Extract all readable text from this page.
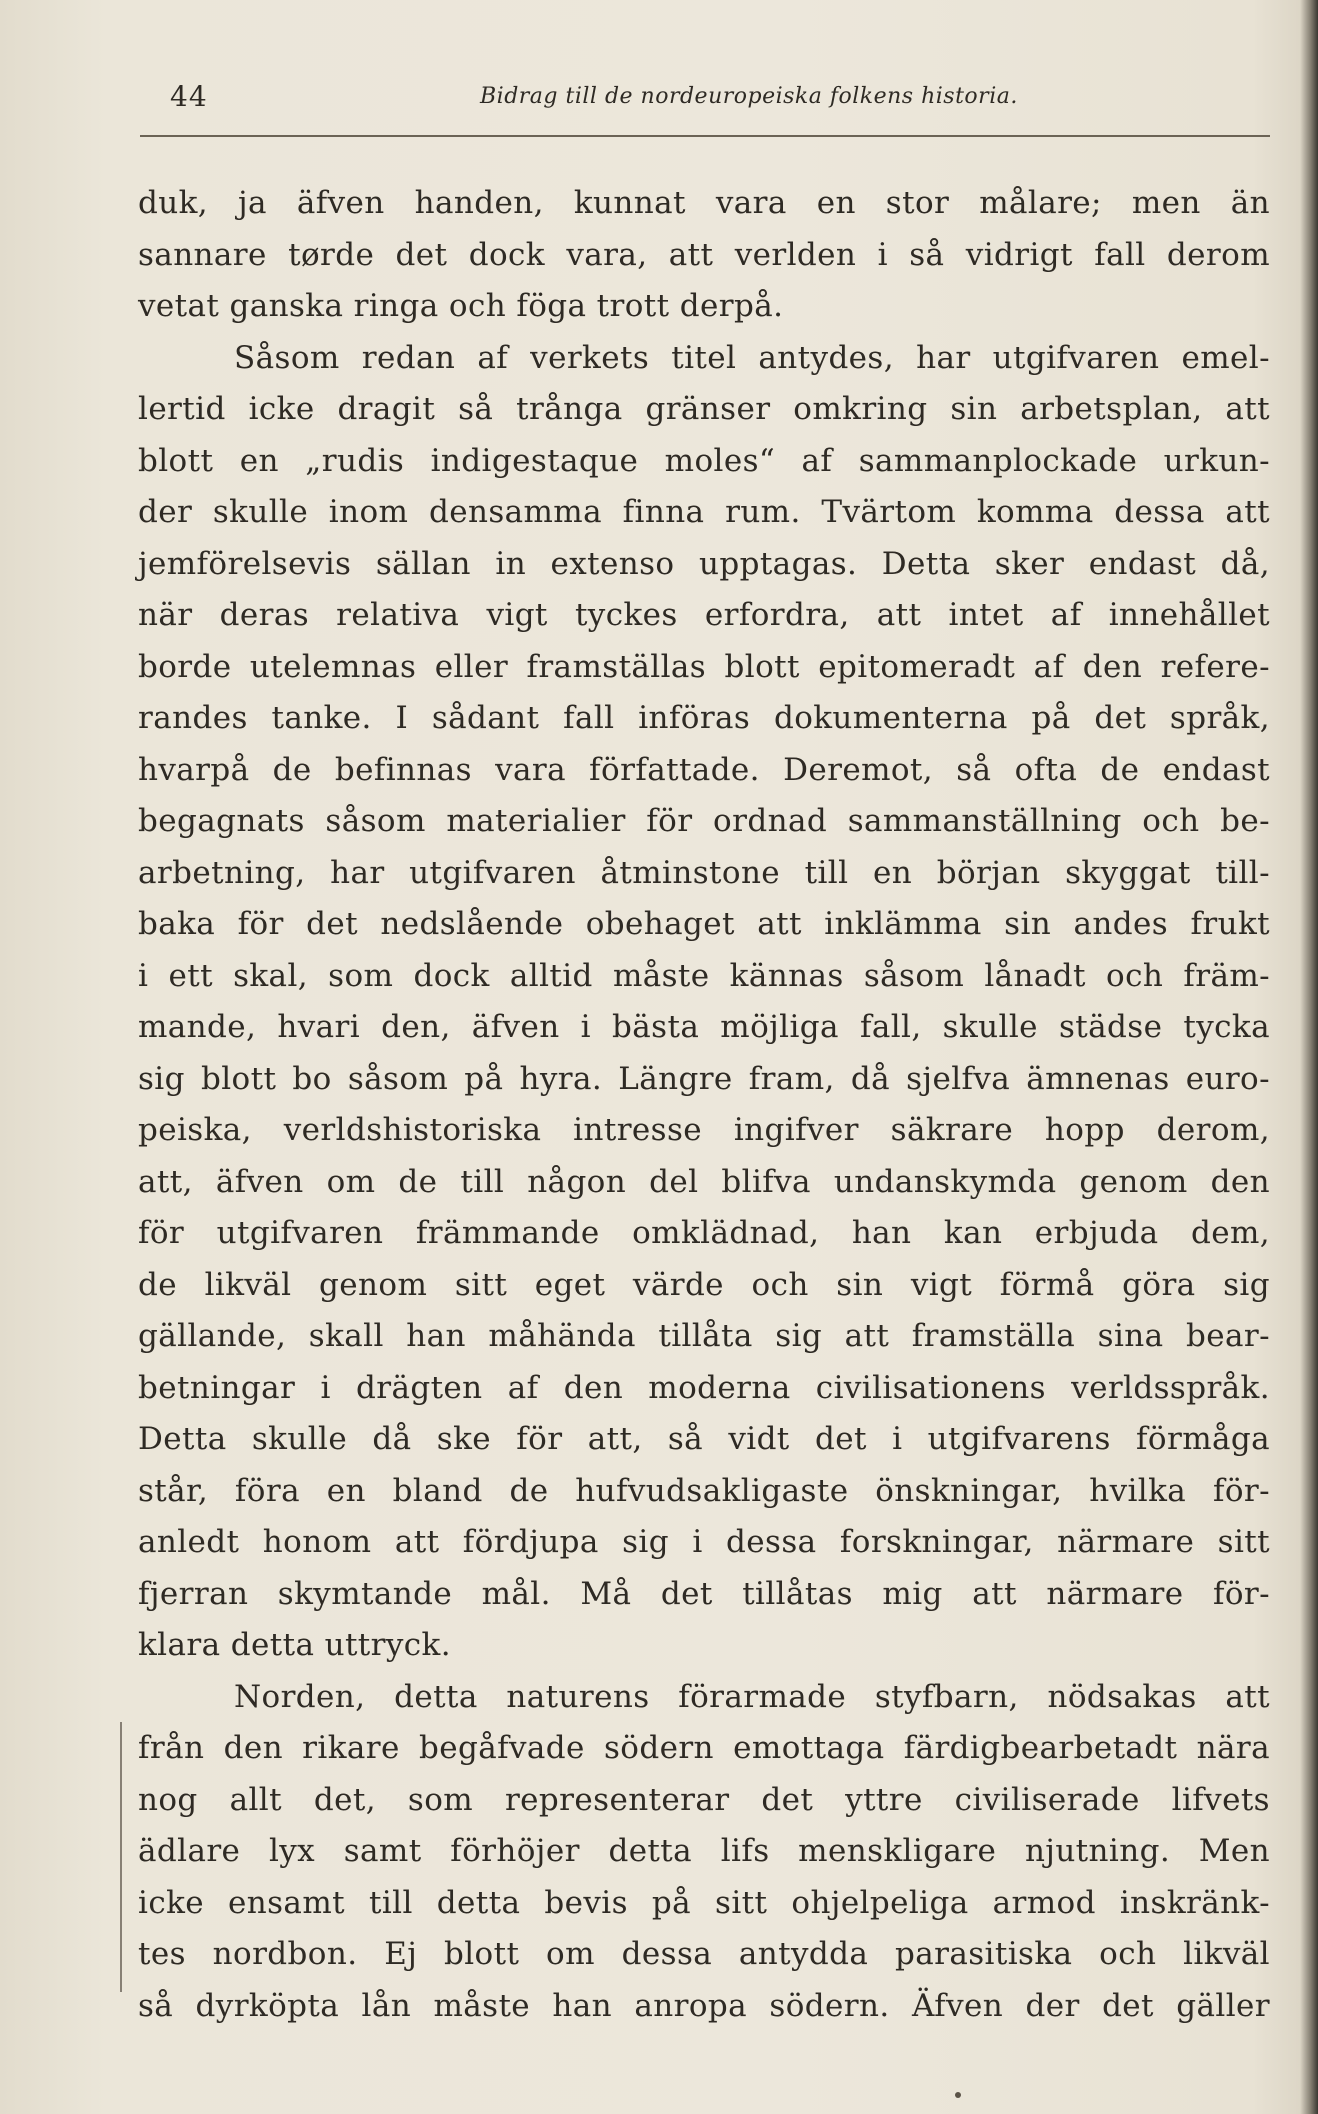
44	Bidrag till de nordeuropeiska folkens historia.
duk, ja äfven handen, kunnat vara en stor målare; men än
sannare tørde det dock vara, att verlden i så vidrigt fall derom
vetat ganska ringa och föga trott derpå.
Såsom redan af verkets titel antydes, har utgifvaren emel-
lertid icke dragit så trånga gränser omkring sin arbetsplan, att
blott en „rudis indigestaque moles“ af sammanplockade urkun-
der skulle inom densamma finna rum. Tvärtom komma dessa att
jemförelsevis sällan in extenso upptagas. Detta sker endast då,
när deras relativa vigt tyckes erfordra, att intet af innehållet
borde utelemnas eller framställas blott epitomeradt af den refere-
randes tanke. I sådant fall införas dokumenterna på det språk,
hvarpå de befinnas vara författade. Deremot, så ofta de endast
begagnats såsom materialier för ordnad sammanställning och be-
arbetning, har utgifvaren åtminstone till en början skyggat till-
baka för det nedslående obehaget att inklämma sin andes frukt
i ett skal, som dock alltid måste kännas såsom lånadt och främ-
mande, hvari den, äfven i bästa möjliga fall, skulle städse tycka
sig blott bo såsom på hyra. Längre fram, då sjelfva ämnenas euro-
peiska, verldshistoriska intresse ingifver säkrare hopp derom,
att, äfven om de till någon del blifva undanskymda genom den
för utgifvaren främmande omklädnad, han kan erbjuda dem,
de likväl genom sitt eget värde och sin vigt förmå göra sig
gällande, skall han måhända tillåta sig att framställa sina bear-
betningar i drägten af den moderna civilisationens verldsspråk.
Detta skulle då ske för att, så vidt det i utgifvarens förmåga
står, föra en bland de hufvudsakligaste önskningar, hvilka för-
anledt honom att fördjupa sig i dessa forskningar, närmare sitt
fjerran skymtande mål. Må det tillåtas mig att närmare för-
klara detta uttryck.
Norden, detta naturens förarmade styfbarn, nödsakas att
från den rikare begåfvade södern emottaga färdigbearbetadt nära
nog allt det, som representerar det yttre civiliserade lifvets
ädlare lyx samt förhöjer detta lifs menskligare njutning. Men
icke ensamt till detta bevis på sitt ohjelpeliga armod inskränk-
tes nordbon. Ej blott om dessa antydda parasitiska och likväl
så dyrköpta lån måste han anropa södern. Äfven der det gäller
